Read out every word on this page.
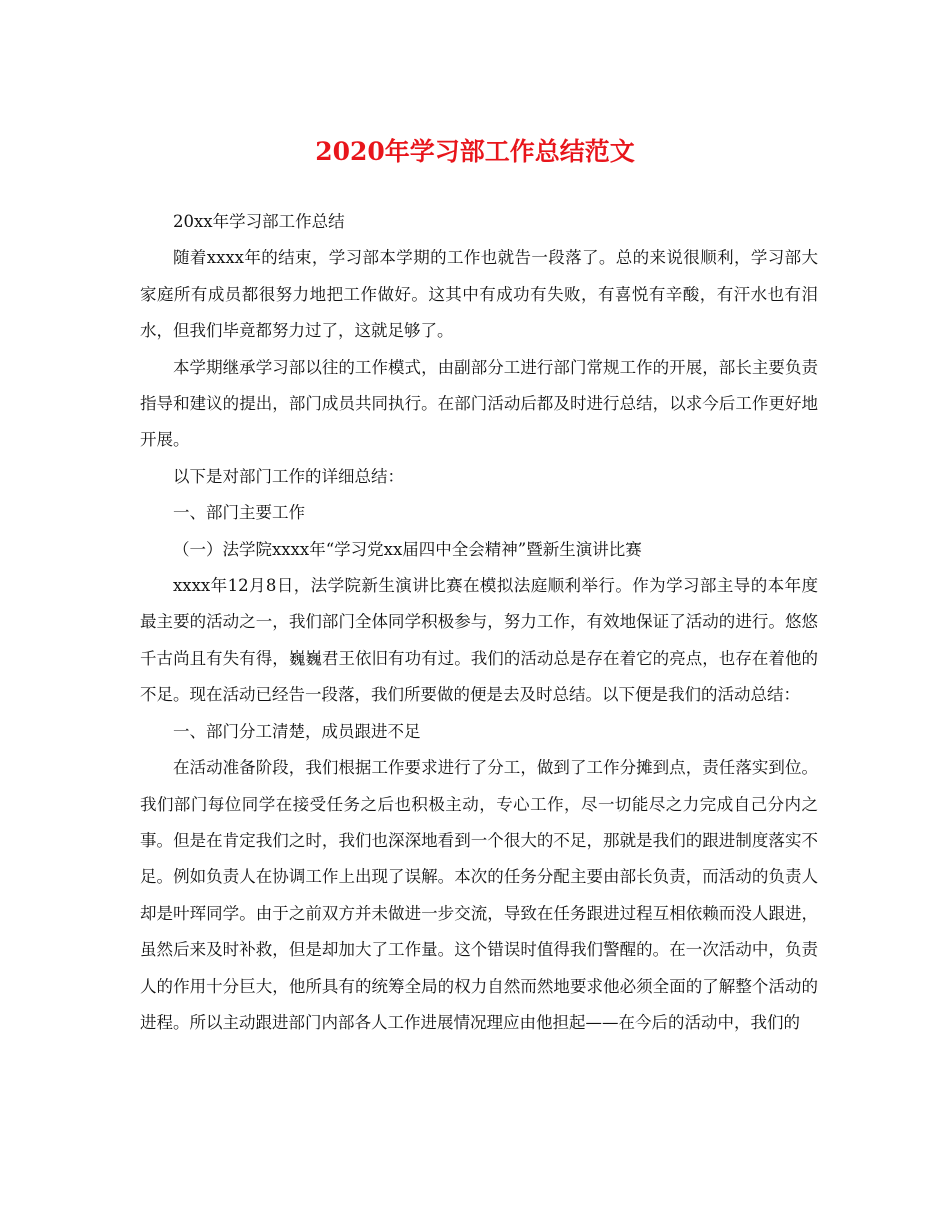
2020年学习部工作总结范文

20xx年学习部工作总结

随着xxxx年的结束，学习部本学期的工作也就告一段落了。总的来说很顺利，学习部大家庭所有成员都很努力地把工作做好。这其中有成功有失败，有喜悦有辛酸，有汗水也有泪水，但我们毕竟都努力过了，这就足够了。

本学期继承学习部以往的工作模式，由副部分工进行部门常规工作的开展，部长主要负责指导和建议的提出，部门成员共同执行。在部门活动后都及时进行总结，以求今后工作更好地开展。

以下是对部门工作的详细总结：

一、部门主要工作

（一）法学院xxxx年“学习党xx届四中全会精神”暨新生演讲比赛

xxxx年12月8日，法学院新生演讲比赛在模拟法庭顺利举行。作为学习部主导的本年度最主要的活动之一，我们部门全体同学积极参与，努力工作，有效地保证了活动的进行。悠悠千古尚且有失有得，巍巍君王依旧有功有过。我们的活动总是存在着它的亮点，也存在着他的不足。现在活动已经告一段落，我们所要做的便是去及时总结。以下便是我们的活动总结：

一、部门分工清楚，成员跟进不足

在活动准备阶段，我们根据工作要求进行了分工，做到了工作分摊到点，责任落实到位。我们部门每位同学在接受任务之后也积极主动，专心工作，尽一切能尽之力完成自己分内之事。但是在肯定我们之时，我们也深深地看到一个很大的不足，那就是我们的跟进制度落实不足。例如负责人在协调工作上出现了误解。本次的任务分配主要由部长负责，而活动的负责人却是叶珲同学。由于之前双方并未做进一步交流，导致在任务跟进过程互相依赖而没人跟进，虽然后来及时补救，但是却加大了工作量。这个错误时值得我们警醒的。在一次活动中，负责人的作用十分巨大，他所具有的统筹全局的权力自然而然地要求他必须全面的了解整个活动的进程。所以主动跟进部门内部各人工作进展情况理应由他担起——在今后的活动中，我们的
